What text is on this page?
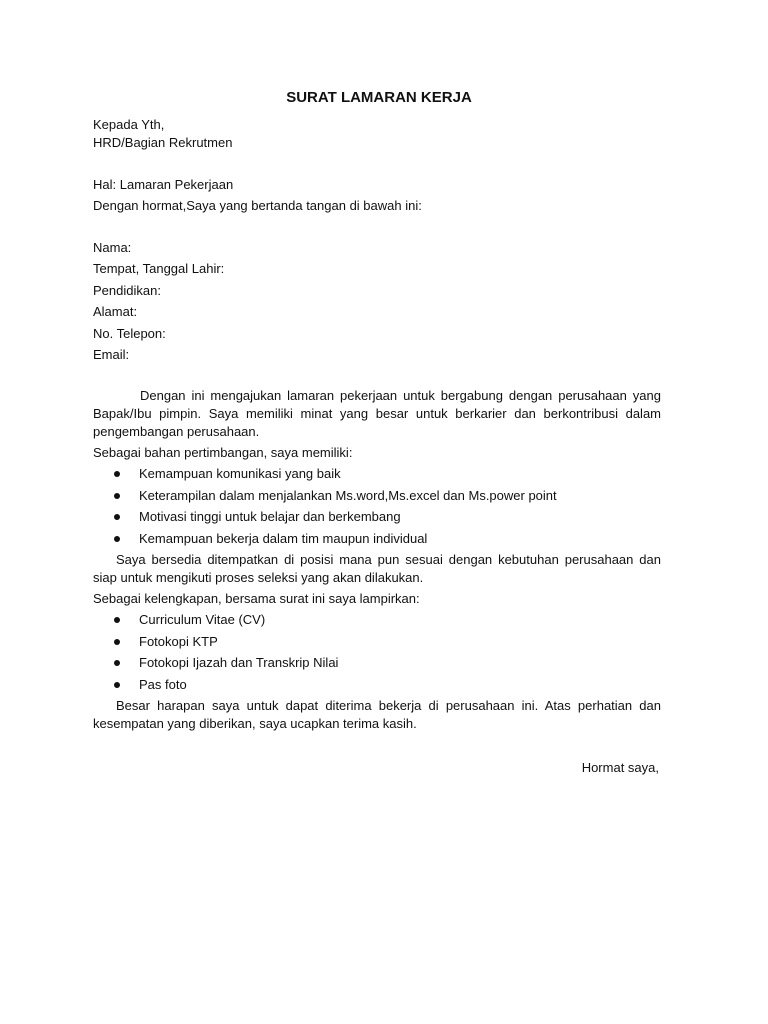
SURAT LAMARAN KERJA

Kepada Yth,

HRD/Bagian Rekrutmen

Hal: Lamaran Pekerjaan

Dengan hormat,Saya yang bertanda tangan di bawah ini:

Nama:

Tempat, Tanggal Lahir:

Pendidikan:

Alamat:

No. Telepon:

Email:

Dengan ini mengajukan lamaran pekerjaan untuk bergabung dengan perusahaan yang Bapak/Ibu pimpin. Saya memiliki minat yang besar untuk berkarier dan berkontribusi dalam pengembangan perusahaan.

Sebagai bahan pertimbangan, saya memiliki:

Kemampuan komunikasi yang baik
Keterampilan dalam menjalankan Ms.word,Ms.excel dan Ms.power point
Motivasi tinggi untuk belajar dan berkembang
Kemampuan bekerja dalam tim maupun individual

Saya bersedia ditempatkan di posisi mana pun sesuai dengan kebutuhan perusahaan dan siap untuk mengikuti proses seleksi yang akan dilakukan.

Sebagai kelengkapan, bersama surat ini saya lampirkan:

Curriculum Vitae (CV)
Fotokopi KTP
Fotokopi Ijazah dan Transkrip Nilai
Pas foto

Besar harapan saya untuk dapat diterima bekerja di perusahaan ini. Atas perhatian dan kesempatan yang diberikan, saya ucapkan terima kasih.

Hormat saya,
